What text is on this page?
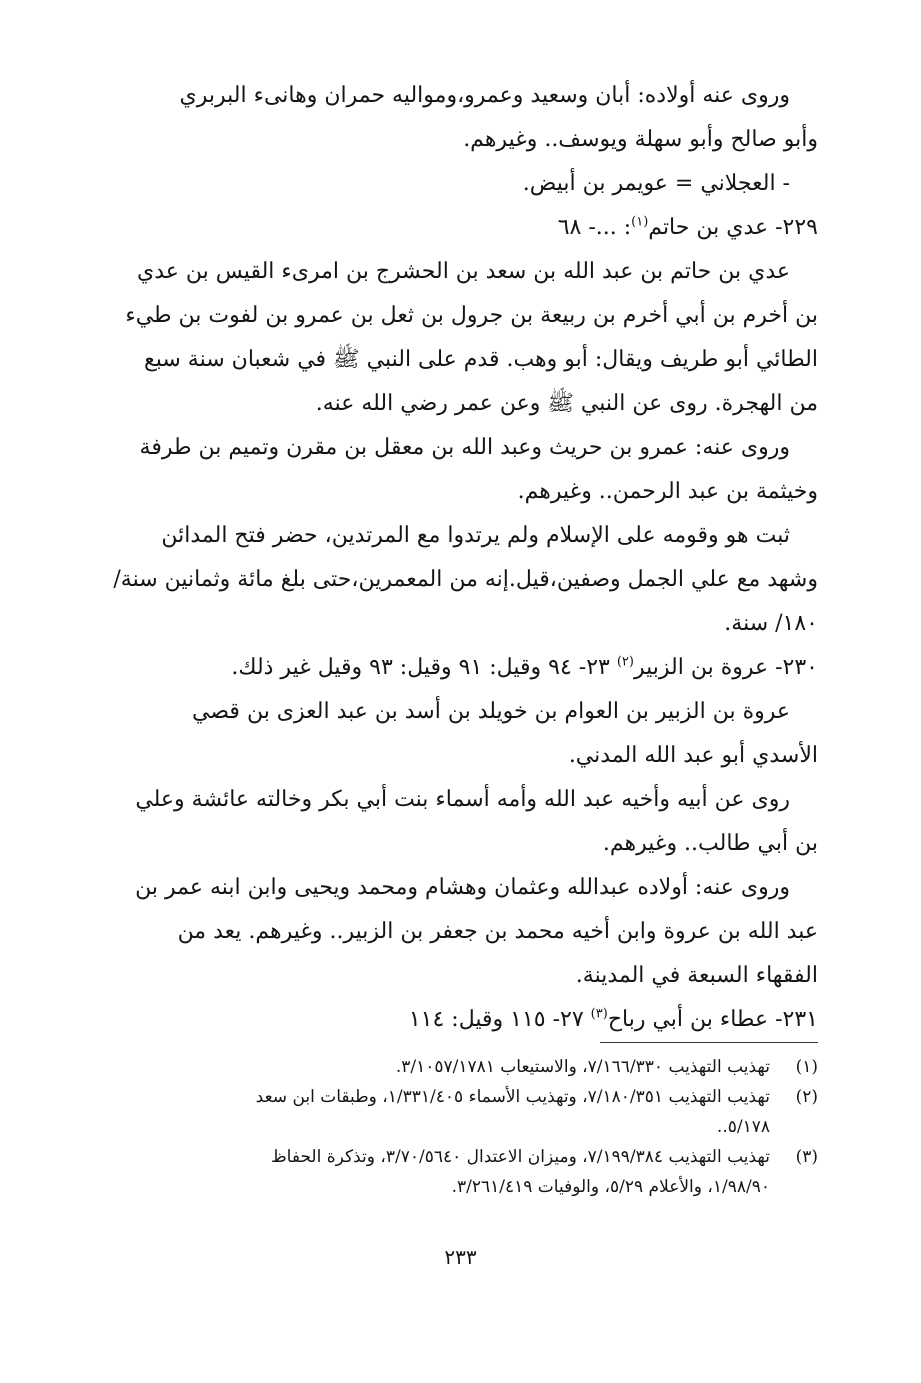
وروى عنه أولاده: أبان وسعيد وعمرو،ومواليه حمران وهانىء البربري
وأبو صالح وأبو سهلة ويوسف.. وغيرهم.
- العجلاني = عويمر بن أبيض.
٢٢٩- عدي بن حاتم$^{(١)}$: ...- ٦٨
عدي بن حاتم بن عبد الله بن سعد بن الحشرج بن امرىء القيس بن عدي
بن أخرم بن أبي أخرم بن ربيعة بن جرول بن ثعل بن عمرو بن لفوت بن طيء
الطائي أبو طريف ويقال: أبو وهب. قدم على النبي ﷺ في شعبان سنة سبع
من الهجرة. روى عن النبي ﷺ وعن عمر رضي الله عنه.
وروى عنه: عمرو بن حريث وعبد الله بن معقل بن مقرن وتميم بن طرفة
وخيثمة بن عبد الرحمن.. وغيرهم.
ثبت هو وقومه على الإسلام ولم يرتدوا مع المرتدين، حضر فتح المدائن
وشهد مع علي الجمل وصفين،قيل.إنه من المعمرين،حتى بلغ مائة وثمانين سنة/
١٨٠/ سنة.
٢٣٠- عروة بن الزبير$^{(٢)}$ ٢٣- ٩٤ وقيل: ٩١ وقيل: ٩٣ وقيل غير ذلك.
عروة بن الزبير بن العوام بن خويلد بن أسد بن عبد العزى بن قصي
الأسدي أبو عبد الله المدني.
روى عن أبيه وأخيه عبد الله وأمه أسماء بنت أبي بكر وخالته عائشة وعلي
بن أبي طالب.. وغيرهم.
وروى عنه: أولاده عبدالله وعثمان وهشام ومحمد ويحيى وابن ابنه عمر بن
عبد الله بن عروة وابن أخيه محمد بن جعفر بن الزبير.. وغيرهم. يعد من
الفقهاء السبعة في المدينة.
٢٣١- عطاء بن أبي رباح$^{(٣)}$ ٢٧- ١١٥ وقيل: ١١٤
(١)تهذيب التهذيب ٧/١٦٦/٣٣٠، والاستيعاب ٣/١٠٥٧/١٧٨١.
(٢)تهذيب التهذيب ٧/١٨٠/٣٥١، وتهذيب الأسماء ١/٣٣١/٤٠٥، وطبقات ابن سعد
٥/١٧٨..
(٣)تهذيب التهذيب ٧/١٩٩/٣٨٤، وميزان الاعتدال ٣/٧٠/٥٦٤٠، وتذكرة الحفاظ
١/٩٨/٩٠، والأعلام ٥/٢٩، والوفيات ٣/٢٦١/٤١٩.
٢٣٣
